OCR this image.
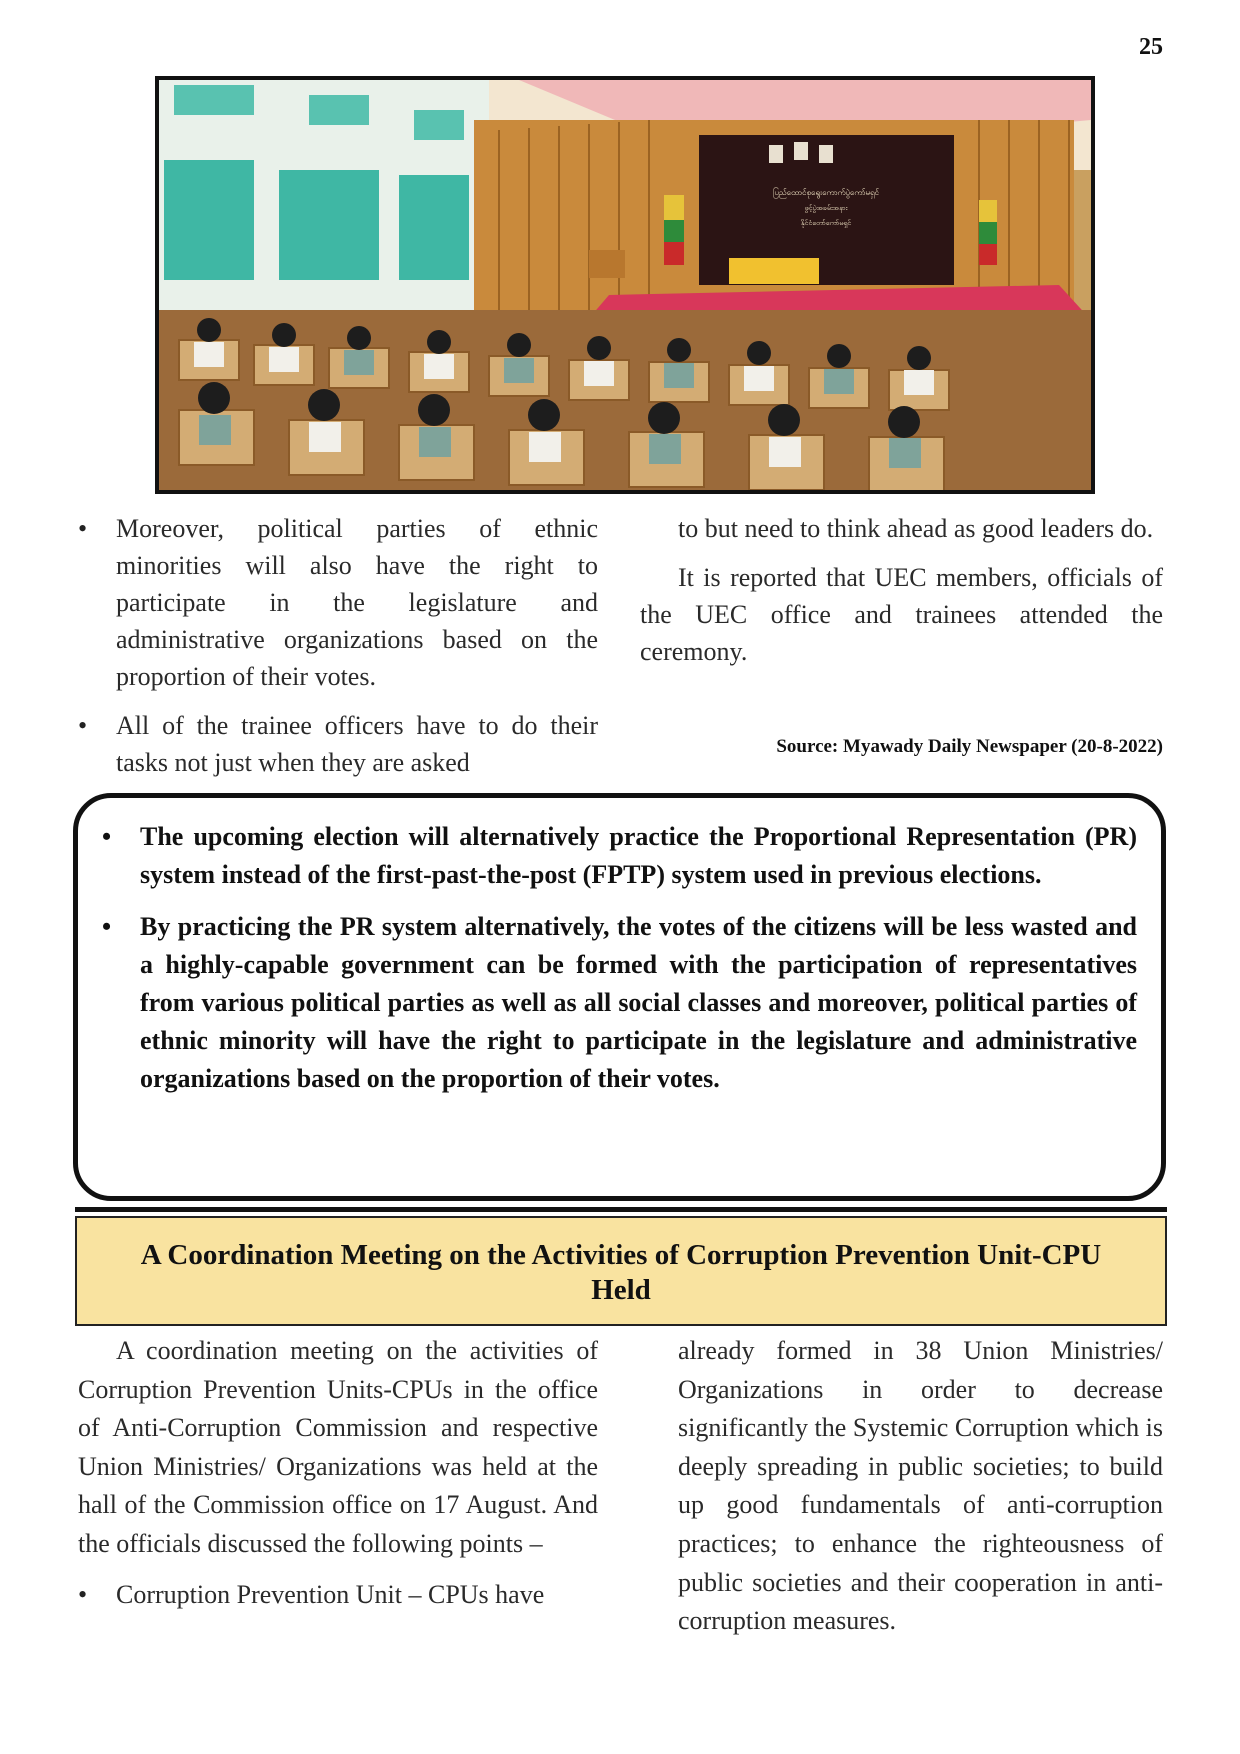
25
ပြည်ထောင်စုရွေးကောက်ပွဲကော်မရှင်
ဖွင့်ပွဲအခမ်းအနား
နိုင်ငံတော်ကော်မရှင်
• Moreover, political parties of ethnic minorities will also have the right to participate in the legislature and administrative organizations based on the proportion of their votes.
• All of the trainee officers have to do their tasks not just when they are asked

to but need to think ahead as good leaders do.

It is reported that UEC members, officials of the UEC office and trainees attended the ceremony.

Source: Myawady Daily Newspaper (20-8-2022)
• The upcoming election will alternatively practice the Proportional Representation (PR) system instead of the first-past-the-post (FPTP) system used in previous elections.
• By practicing the PR system alternatively, the votes of the citizens will be less wasted and a highly-capable government can be formed with the participation of representatives from various political parties as well as all social classes and moreover, political parties of ethnic minority will have the right to participate in the legislature and administrative organizations based on the proportion of their votes.
A Coordination Meeting on the Activities of Corruption Prevention Unit-CPU
Held

A coordination meeting on the activities of Corruption Prevention Units-CPUs in the office of Anti-Corruption Commission and respective Union Ministries/ Organizations was held at the hall of the Commission office on 17 August. And the officials discussed the following points –

• Corruption Prevention Unit – CPUs have

already formed in 38 Union Ministries/ Organizations in order to decrease significantly the Systemic Corruption which is deeply spreading in public societies; to build up good fundamentals of anti-corruption practices; to enhance the righteousness of public societies and their cooperation in anti-corruption measures.
